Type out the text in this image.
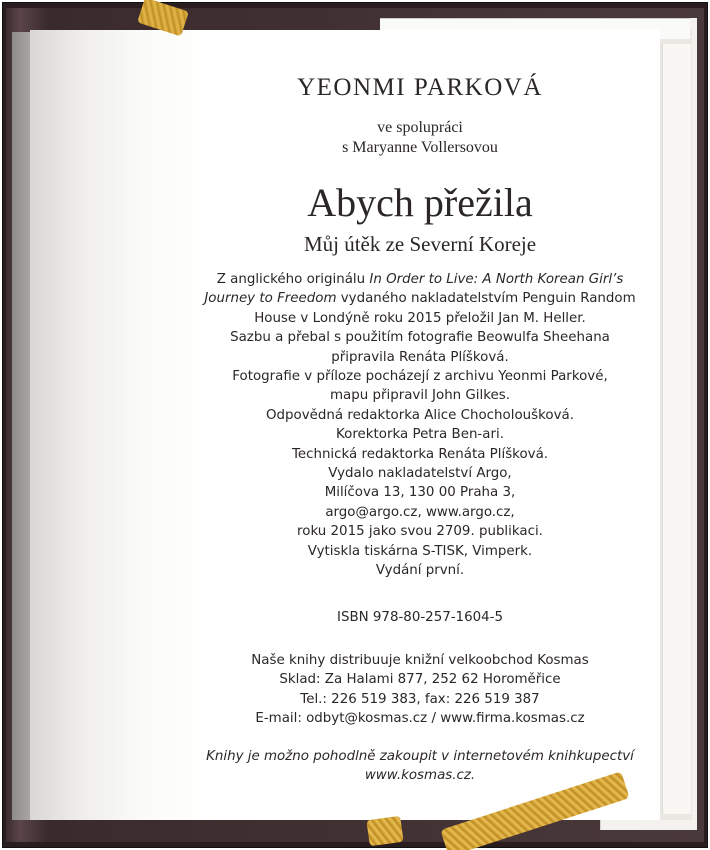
YEONMI PARKOVÁ
ve spolupráci
s Maryanne Vollersovou
Abych přežila
Můj útěk ze Severní Koreje
Z anglického originálu In Order to Live: A North Korean Girl’s
Journey to Freedom vydaného nakladatelstvím Penguin Random
House v Londýně roku 2015 přeložil Jan M. Heller.
Sazbu a přebal s použitím fotografie Beowulfa Sheehana
připravila Renáta Plíšková.
Fotografie v příloze pocházejí z archivu Yeonmi Parkové,
mapu připravil John Gilkes.
Odpovědná redaktorka Alice Chocholoušková.
Korektorka Petra Ben-ari.
Technická redaktorka Renáta Plíšková.
Vydalo nakladatelství Argo,
Milíčova 13, 130 00 Praha 3,
argo@argo.cz, www.argo.cz,
roku 2015 jako svou 2709. publikaci.
Vytiskla tiskárna S-TISK, Vimperk.
Vydání první.
ISBN 978-80-257-1604-5
Naše knihy distribuuje knižní velkoobchod Kosmas
Sklad: Za Halami 877, 252 62 Horoměřice
Tel.: 226 519 383, fax: 226 519 387
E-mail: odbyt@kosmas.cz / www.firma.kosmas.cz
Knihy je možno pohodlně zakoupit v internetovém knihkupectví
www.kosmas.cz.
